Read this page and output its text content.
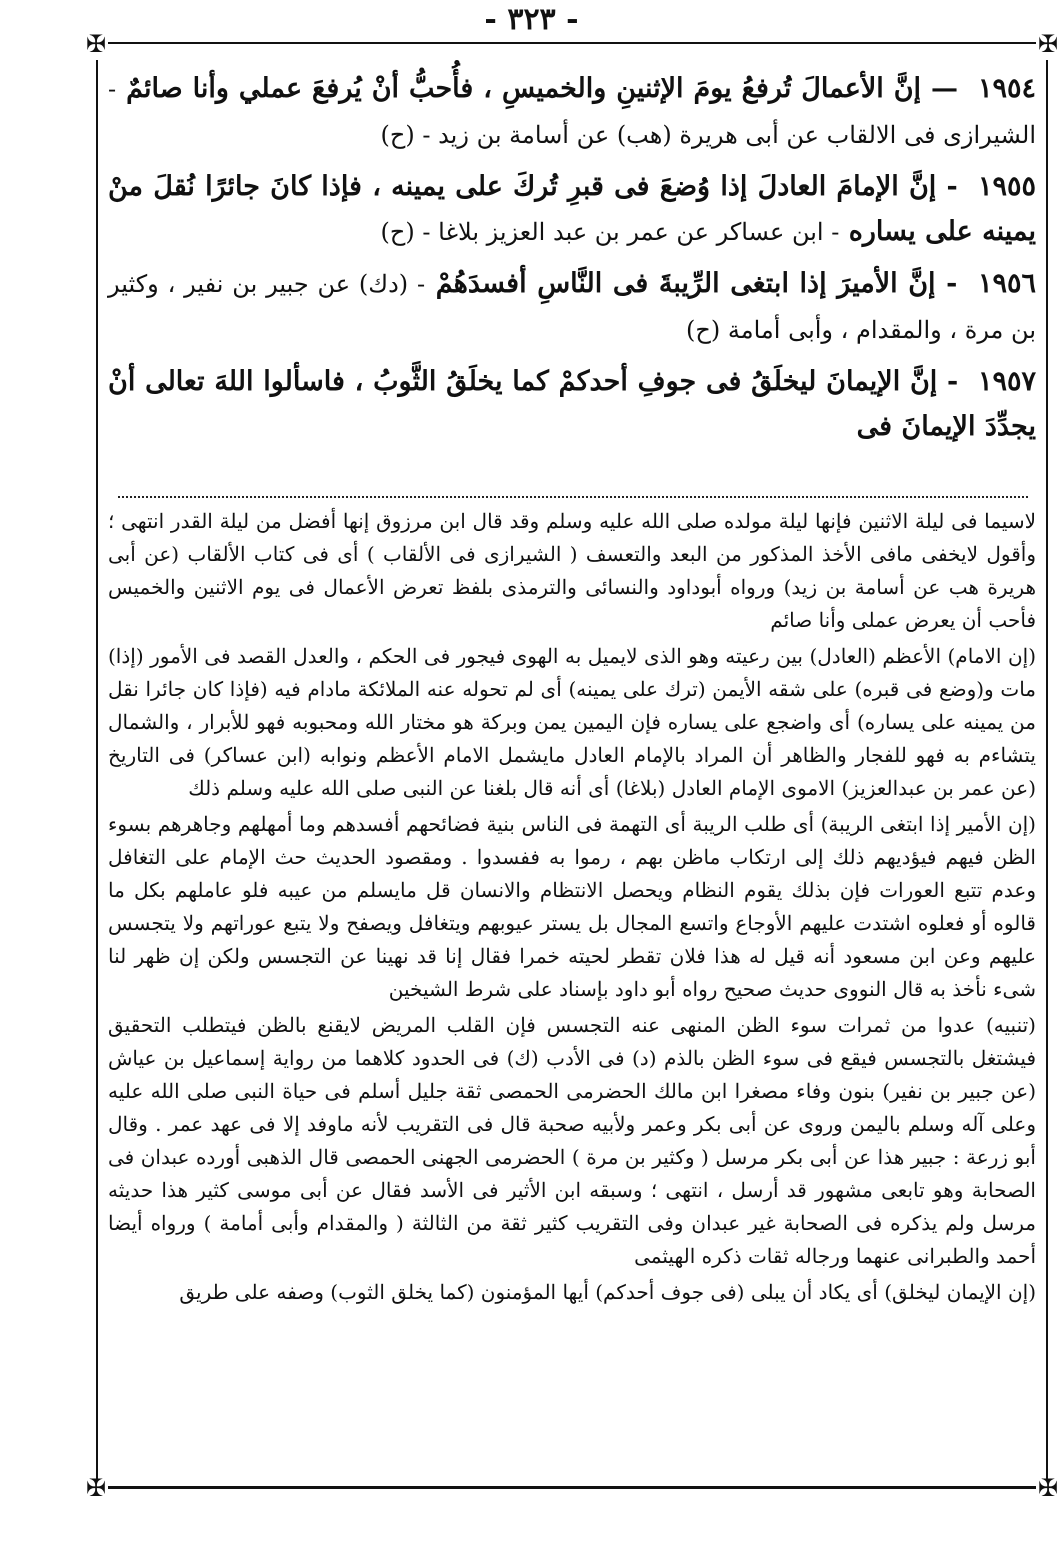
- ٣٢٣ -
✠	✠
✠	✠

١٩٥٤ — إنَّ الأعمالَ تُرفعُ يومَ الإثنينِ والخميسِ ، فأُحبُّ أنْ يُرفعَ عملي وأنا صائمٌ - الشيرازى فى الالقاب عن أبى هريرة (هب) عن أسامة بن زيد - (ح)

١٩٥٥ - إنَّ الإمامَ العادلَ إذا وُضعَ فى قبرِ تُركَ على يمينه ، فإذا كانَ جائرًا نُقلَ منْ يمينه على يساره - ابن عساكر عن عمر بن عبد العزيز بلاغا - (ح)

١٩٥٦ - إنَّ الأميرَ إذا ابتغى الرِّيبةَ فى النَّاسِ أفسدَهُمْ - (دك) عن جبير بن نفير ، وكثير بن مرة ، والمقدام ، وأبى أمامة (ح)

١٩٥٧ - إنَّ الإيمانَ ليخلَقُ فى جوفِ أحدكمْ كما يخلَقُ الثَّوبُ ، فاسألوا اللهَ تعالى أنْ يجدِّدَ الإيمانَ فى

لاسيما فى ليلة الاثنين فإنها ليلة مولده صلى الله عليه وسلم وقد قال ابن مرزوق إنها أفضل من ليلة القدر انتهى ؛ وأقول لايخفى مافى الأخذ المذكور من البعد والتعسف ( الشيرازى فى الألقاب ) أى فى كتاب الألقاب (عن أبى هريرة هب عن أسامة بن زيد) ورواه أبوداود والنسائى والترمذى بلفظ تعرض الأعمال فى يوم الاثنين والخميس فأحب أن يعرض عملى وأنا صائم

(إن الامام) الأعظم (العادل) بين رعيته وهو الذى لايميل به الهوى فيجور فى الحكم ، والعدل القصد فى الأمور (إذا) مات و(وضع فى قبره) على شقه الأيمن (ترك على يمينه) أى لم تحوله عنه الملائكة مادام فيه (فإذا كان جائرا نقل من يمينه على يساره) أى واضجع على يساره فإن اليمين يمن وبركة هو مختار الله ومحبوبه فهو للأبرار ، والشمال يتشاءم به فهو للفجار والظاهر أن المراد بالإمام العادل مايشمل الامام الأعظم ونوابه (ابن عساكر) فى التاريخ (عن عمر بن عبدالعزيز) الاموى الإمام العادل (بلاغا) أى أنه قال بلغنا عن النبى صلى الله عليه وسلم ذلك

(إن الأمير إذا ابتغى الريبة) أى طلب الريبة أى التهمة فى الناس بنية فضائحهم أفسدهم وما أمهلهم وجاهرهم بسوء الظن فيهم فيؤديهم ذلك إلى ارتكاب ماظن بهم ، رموا به ففسدوا . ومقصود الحديث حث الإمام على التغافل وعدم تتبع العورات فإن بذلك يقوم النظام ويحصل الانتظام والانسان قل مايسلم من عيبه فلو عاملهم بكل ما قالوه أو فعلوه اشتدت عليهم الأوجاع واتسع المجال بل يستر عيوبهم ويتغافل ويصفح ولا يتبع عوراتهم ولا يتجسس عليهم وعن ابن مسعود أنه قيل له هذا فلان تقطر لحيته خمرا فقال إنا قد نهينا عن التجسس ولكن إن ظهر لنا شىء نأخذ به قال النووى حديث صحيح رواه أبو داود بإسناد على شرط الشيخين

(تنبيه) عدوا من ثمرات سوء الظن المنهى عنه التجسس فإن القلب المريض لايقنع بالظن فيتطلب التحقيق فيشتغل بالتجسس فيقع فى سوء الظن بالذم (د) فى الأدب (ك) فى الحدود كلاهما من رواية إسماعيل بن عياش (عن جبير بن نفير) بنون وفاء مصغرا ابن مالك الحضرمى الحمصى ثقة جليل أسلم فى حياة النبى صلى الله عليه وعلى آله وسلم باليمن وروى عن أبى بكر وعمر ولأبيه صحبة قال فى التقريب لأنه ماوفد إلا فى عهد عمر . وقال أبو زرعة : جبير هذا عن أبى بكر مرسل ( وكثير بن مرة ) الحضرمى الجهنى الحمصى قال الذهبى أورده عبدان فى الصحابة وهو تابعى مشهور قد أرسل ، انتهى ؛ وسبقه ابن الأثير فى الأسد فقال عن أبى موسى كثير هذا حديثه مرسل ولم يذكره فى الصحابة غير عبدان وفى التقريب كثير ثقة من الثالثة ( والمقدام وأبى أمامة ) ورواه أيضا أحمد والطبرانى عنهما ورجاله ثقات ذكره الهيثمى

(إن الإيمان ليخلق) أى يكاد أن يبلى (فى جوف أحدكم) أيها المؤمنون (كما يخلق الثوب) وصفه على طريق
